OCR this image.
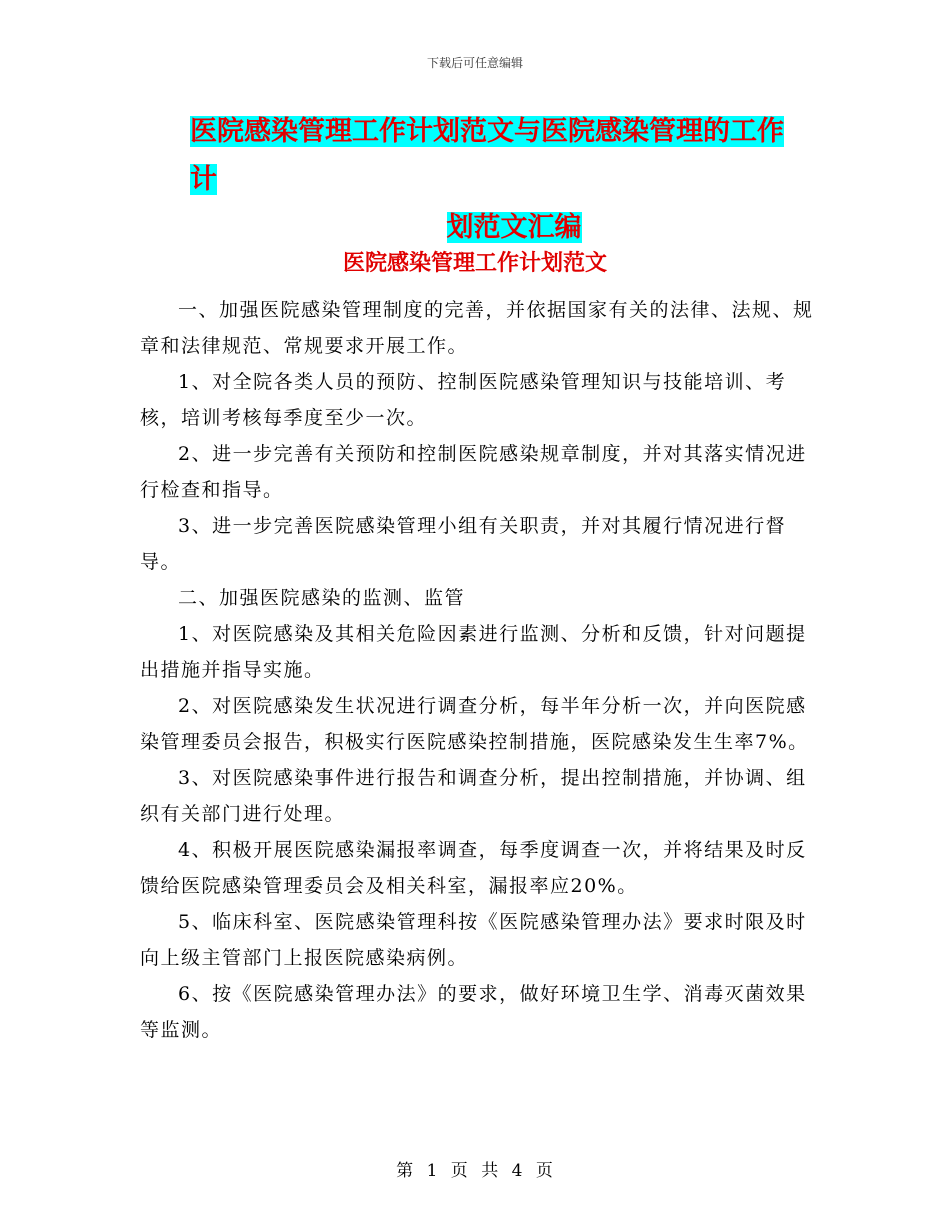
下载后可任意编辑
医院感染管理工作计划范文与医院感染管理的工作计
划范文汇编
医院感染管理工作计划范文

一、加强医院感染管理制度的完善，并依据国家有关的法律、法规、规章和法律规范、常规要求开展工作。

1、对全院各类人员的预防、控制医院感染管理知识与技能培训、考核，培训考核每季度至少一次。

2、进一步完善有关预防和控制医院感染规章制度，并对其落实情况进行检查和指导。

3、进一步完善医院感染管理小组有关职责，并对其履行情况进行督导。

二、加强医院感染的监测、监管

1、对医院感染及其相关危险因素进行监测、分析和反馈，针对问题提出措施并指导实施。

2、对医院感染发生状况进行调查分析，每半年分析一次，并向医院感染管理委员会报告，积极实行医院感染控制措施，医院感染发生生率7%。

3、对医院感染事件进行报告和调查分析，提出控制措施，并协调、组织有关部门进行处理。

4、积极开展医院感染漏报率调查，每季度调查一次，并将结果及时反馈给医院感染管理委员会及相关科室，漏报率应20%。

5、临床科室、医院感染管理科按《医院感染管理办法》要求时限及时向上级主管部门上报医院感染病例。

6、按《医院感染管理办法》的要求，做好环境卫生学、消毒灭菌效果等监测。

第 1 页 共 4 页
